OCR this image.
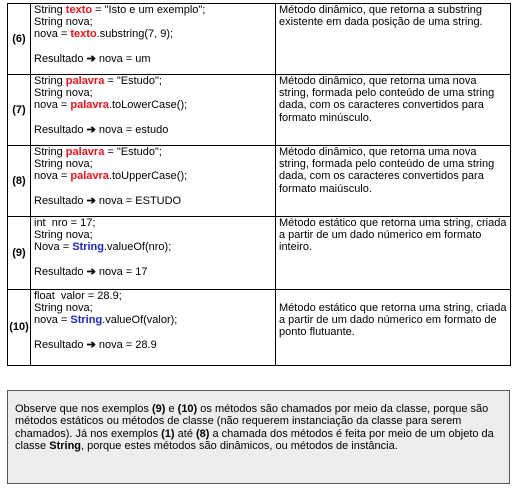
(6)	String texto = "Isto e um exemplo";
String nova;
nova = texto.substring(7, 9);
Resultado ➔ nova = um	Método dinâmico, que retorna a substring existente em dada posição de uma string.
(7)	String palavra = "Estudo";
String nova;
nova = palavra.toLowerCase();
Resultado ➔ nova = estudo	Método dinâmico, que retorna uma nova string, formada pelo conteúdo de uma string dada, com os caracteres convertidos para formato minúsculo.
(8)	String palavra = "Estudo";
String nova;
nova = palavra.toUpperCase();
Resultado ➔ nova = ESTUDO	Método dinâmico, que retorna uma nova string, formada pelo conteúdo de uma string dada, com os caracteres convertidos para formato maiúsculo.
(9)	int  nro = 17;
String nova;
Nova = String.valueOf(nro);
Resultado ➔ nova = 17	Método estático que retorna uma string, criada a partir de um dado númerico em formato inteiro.
(10)	float  valor = 28.9;
String nova;
nova = String.valueOf(valor);
Resultado ➔ nova = 28.9	Método estático que retorna uma string, criada a partir de um dado númerico em formato de ponto flutuante.
Observe que nos exemplos (9) e (10) os métodos são chamados por meio da classe, porque são métodos estáticos ou métodos de classe (não requerem instanciação da classe para serem chamados). Já nos exemplos (1) até (8) a chamada dos métodos é feita por meio de um objeto da classe String, porque estes métodos são dinâmicos, ou métodos de instância.
